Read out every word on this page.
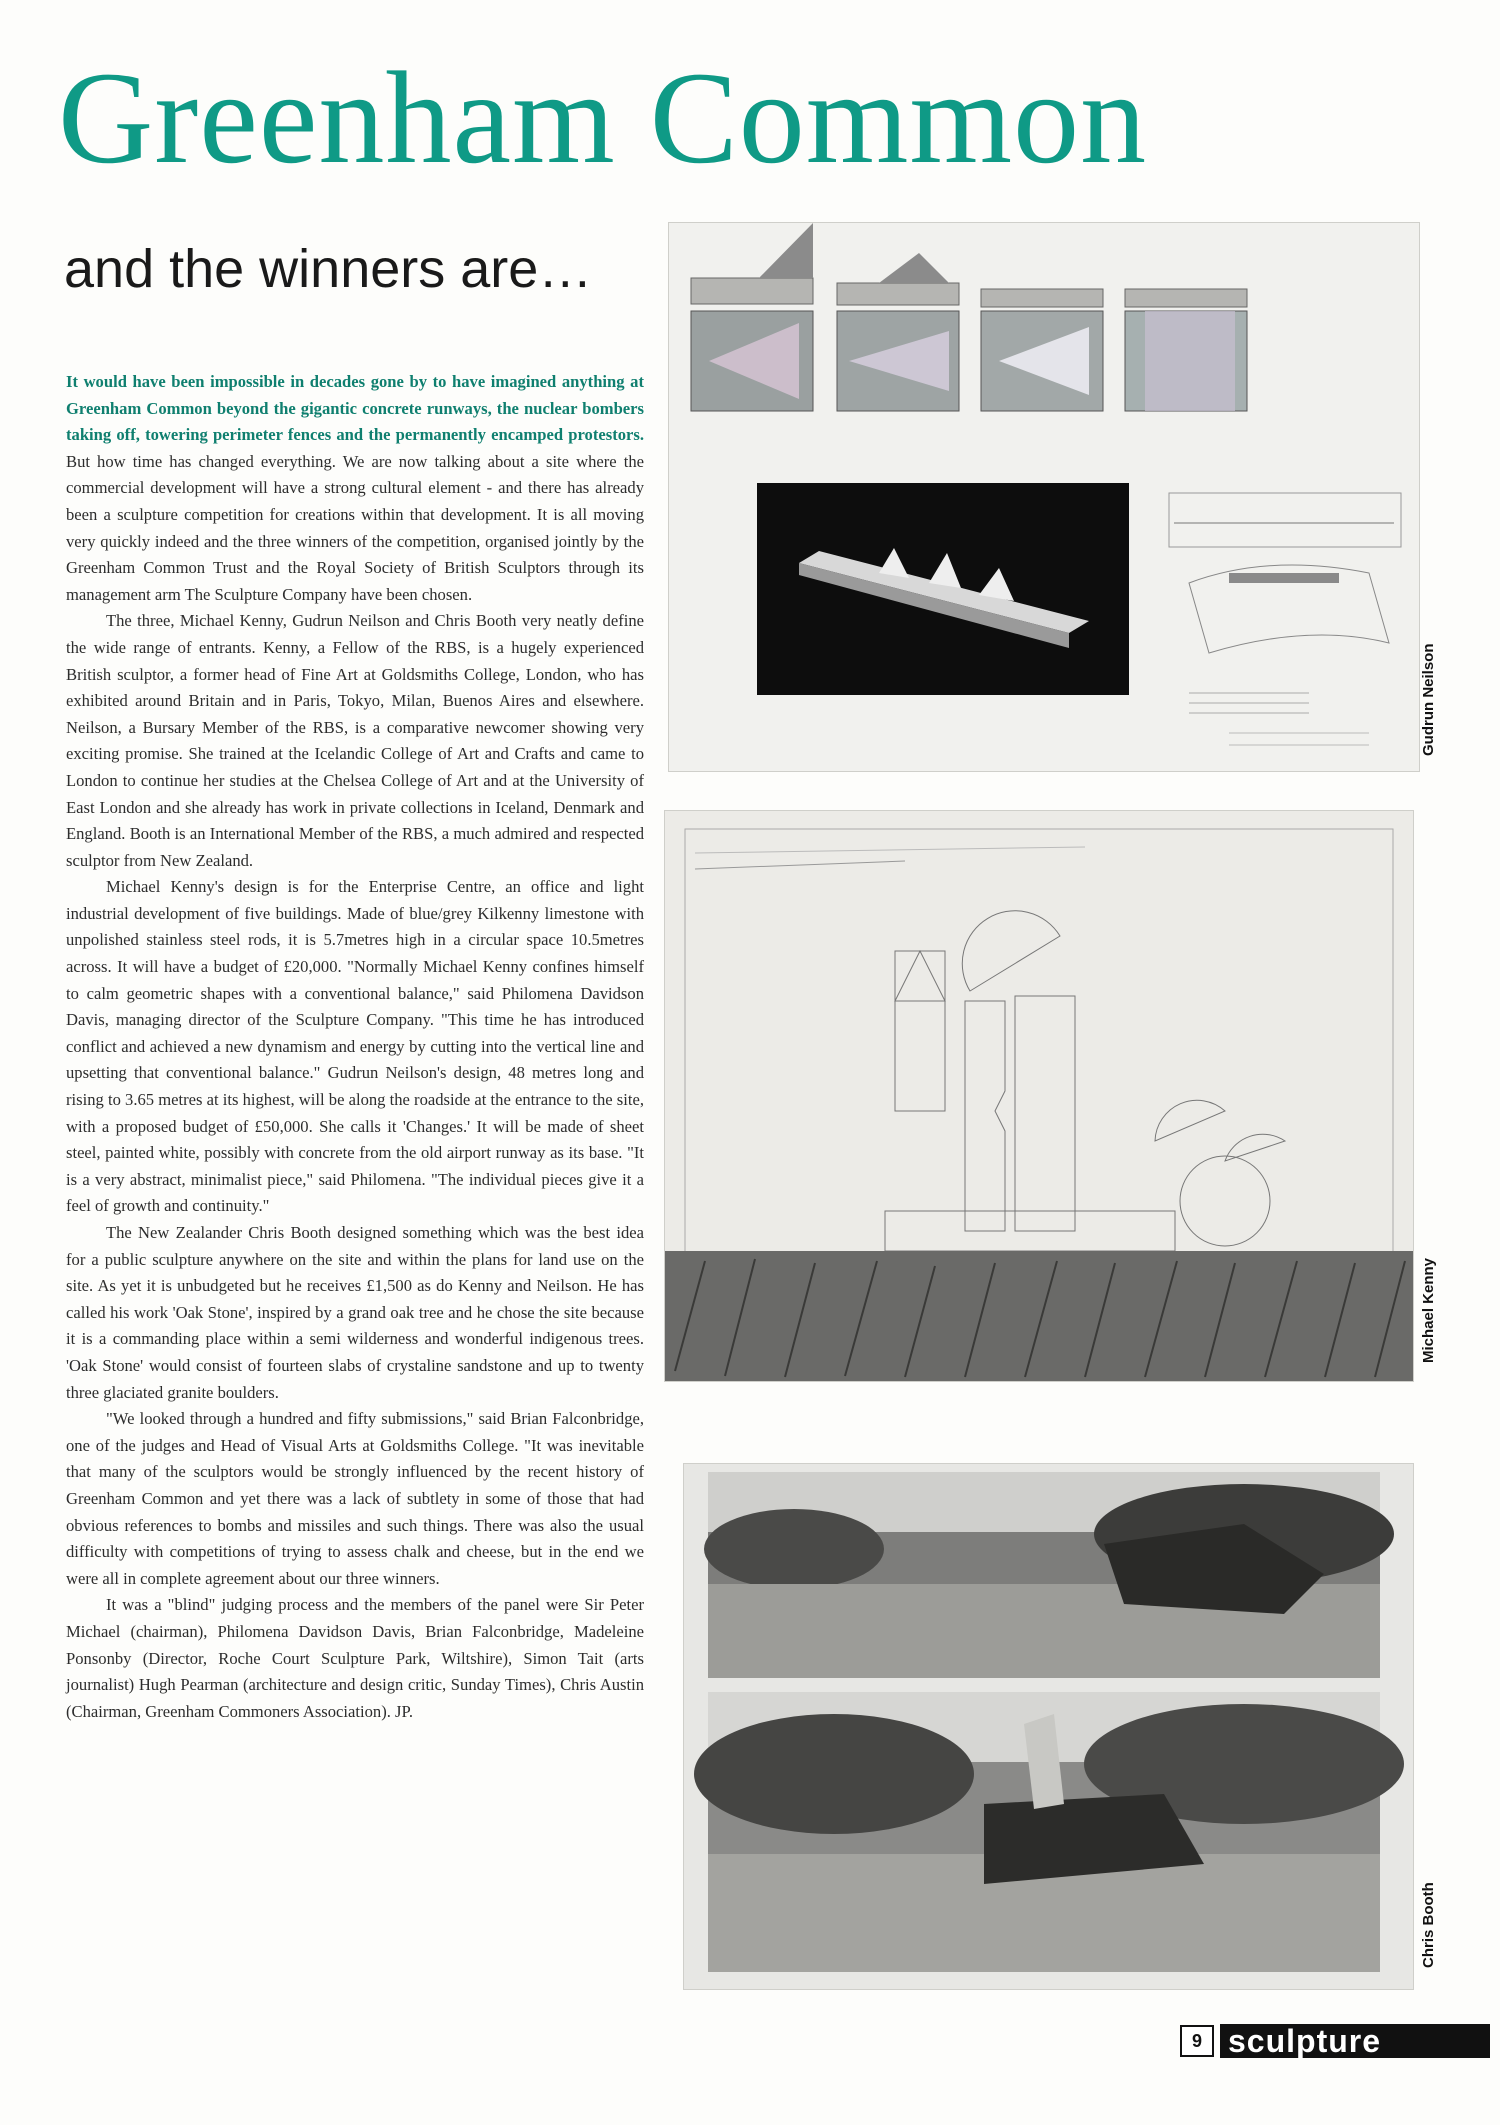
Greenham Common
and the winners are…

It would have been impossible in decades gone by to have imagined anything at Greenham Common beyond the gigantic concrete runways, the nuclear bombers taking off, towering perimeter fences and the permanently encamped protestors. But how time has changed everything. We are now talking about a site where the commercial development will have a strong cultural element - and there has already been a sculpture competition for creations within that development. It is all moving very quickly indeed and the three winners of the competition, organised jointly by the Greenham Common Trust and the Royal Society of British Sculptors through its management arm The Sculpture Company have been chosen.

The three, Michael Kenny, Gudrun Neilson and Chris Booth very neatly define the wide range of entrants. Kenny, a Fellow of the RBS, is a hugely experienced British sculptor, a former head of Fine Art at Goldsmiths College, London, who has exhibited around Britain and in Paris, Tokyo, Milan, Buenos Aires and elsewhere. Neilson, a Bursary Member of the RBS, is a comparative newcomer showing very exciting promise. She trained at the Icelandic College of Art and Crafts and came to London to continue her studies at the Chelsea College of Art and at the University of East London and she already has work in private collections in Iceland, Denmark and England. Booth is an International Member of the RBS, a much admired and respected sculptor from New Zealand.

Michael Kenny's design is for the Enterprise Centre, an office and light industrial development of five buildings. Made of blue/grey Kilkenny limestone with unpolished stainless steel rods, it is 5.7metres high in a circular space 10.5metres across. It will have a budget of £20,000. "Normally Michael Kenny confines himself to calm geometric shapes with a conventional balance," said Philomena Davidson Davis, managing director of the Sculpture Company. "This time he has introduced conflict and achieved a new dynamism and energy by cutting into the vertical line and upsetting that conventional balance." Gudrun Neilson's design, 48 metres long and rising to 3.65 metres at its highest, will be along the roadside at the entrance to the site, with a proposed budget of £50,000. She calls it 'Changes.' It will be made of sheet steel, painted white, possibly with concrete from the old airport runway as its base. "It is a very abstract, minimalist piece," said Philomena. "The individual pieces give it a feel of growth and continuity."

The New Zealander Chris Booth designed something which was the best idea for a public sculpture anywhere on the site and within the plans for land use on the site. As yet it is unbudgeted but he receives £1,500 as do Kenny and Neilson. He has called his work 'Oak Stone', inspired by a grand oak tree and he chose the site because it is a commanding place within a semi wilderness and wonderful indigenous trees. 'Oak Stone' would consist of fourteen slabs of crystaline sandstone and up to twenty three glaciated granite boulders.

"We looked through a hundred and fifty submissions," said Brian Falconbridge, one of the judges and Head of Visual Arts at Goldsmiths College. "It was inevitable that many of the sculptors would be strongly influenced by the recent history of Greenham Common and yet there was a lack of subtlety in some of those that had obvious references to bombs and missiles and such things. There was also the usual difficulty with competitions of trying to assess chalk and cheese, but in the end we were all in complete agreement about our three winners.

It was a "blind" judging process and the members of the panel were Sir Peter Michael (chairman), Philomena Davidson Davis, Brian Falconbridge, Madeleine Ponsonby (Director, Roche Court Sculpture Park, Wiltshire), Simon Tait (arts journalist) Hugh Pearman (architecture and design critic, Sunday Times), Chris Austin (Chairman, Greenham Commoners Association). JP.

Gudrun Neilson
Michael Kenny
Chris Booth
9 sculpture
